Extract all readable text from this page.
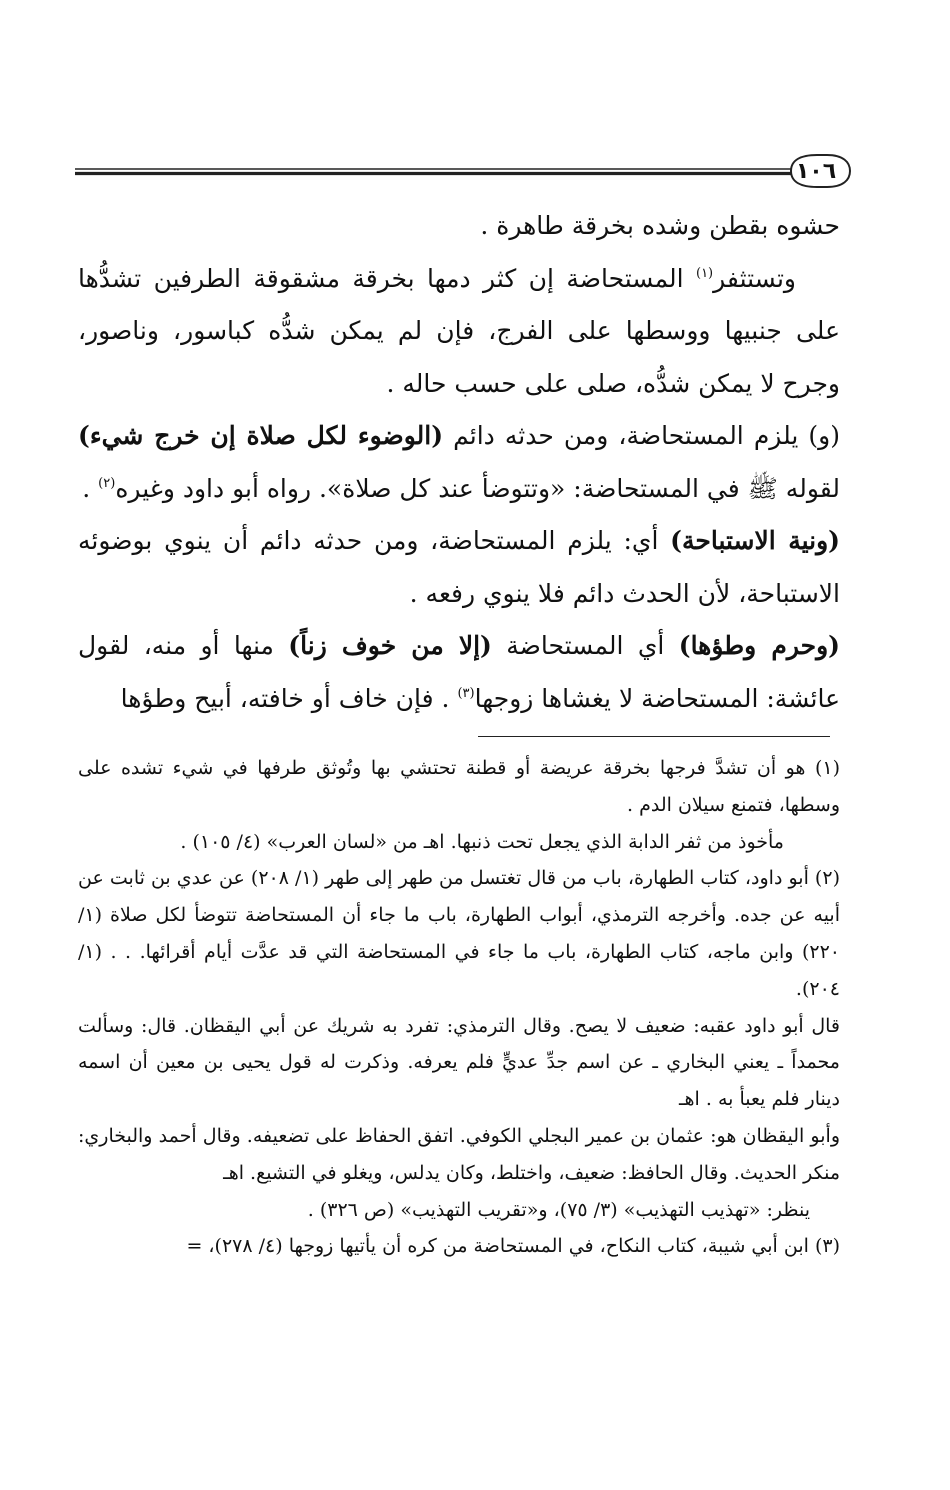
١٠٦

حشوه بقطن وشده بخرقة طاهرة .

وتستثفر$^{(١)}$ المستحاضة إن كثر دمها بخرقة مشقوقة الطرفين تشدُّها على جنبيها ووسطها على الفرج، فإن لم يمكن شدُّه كباسور، وناصور، وجرح لا يمكن شدُّه، صلى على حسب حاله .

(و) يلزم المستحاضة، ومن حدثه دائم (الوضوء لكل صلاة إن خرج شيء) لقوله ﷺ في المستحاضة: «وتتوضأ عند كل صلاة». رواه أبو داود وغيره$^{(٢)}$ .

(ونية الاستباحة) أي: يلزم المستحاضة، ومن حدثه دائم أن ينوي بوضوئه الاستباحة، لأن الحدث دائم فلا ينوي رفعه .

(وحرم وطؤها) أي المستحاضة (إلا من خوف زناً) منها أو منه، لقول عائشة: المستحاضة لا يغشاها زوجها$^{(٣)}$ . فإن خاف أو خافته، أبيح وطؤها

(١) هو أن تشدَّ فرجها بخرقة عريضة أو قطنة تحتشي بها وتُوثق طرفها في شيء تشده على وسطها، فتمنع سيلان الدم .

مأخوذ من ثفر الدابة الذي يجعل تحت ذنبها. اهـ من «لسان العرب» (٤/ ١٠٥) .

(٢) أبو داود، كتاب الطهارة، باب من قال تغتسل من طهر إلى طهر (١/ ٢٠٨) عن عدي بن ثابت عن أبيه عن جده. وأخرجه الترمذي، أبواب الطهارة، باب ما جاء أن المستحاضة تتوضأ لكل صلاة (١/ ٢٢٠) وابن ماجه، كتاب الطهارة، باب ما جاء في المستحاضة التي قد عدَّت أيام أقرائها. . . (١/ ٢٠٤).

قال أبو داود عقبه: ضعيف لا يصح. وقال الترمذي: تفرد به شريك عن أبي اليقظان. قال: وسألت محمداً ـ يعني البخاري ـ عن اسم جدِّ عديٍّ فلم يعرفه. وذكرت له قول يحيى بن معين أن اسمه دينار فلم يعبأ به . اهـ

وأبو اليقظان هو: عثمان بن عمير البجلي الكوفي. اتفق الحفاظ على تضعيفه. وقال أحمد والبخاري: منكر الحديث. وقال الحافظ: ضعيف، واختلط، وكان يدلس، ويغلو في التشيع. اهـ

ينظر: «تهذيب التهذيب» (٣/ ٧٥)، و«تقريب التهذيب» (ص ٣٢٦) .

(٣) ابن أبي شيبة، كتاب النكاح، في المستحاضة من كره أن يأتيها زوجها (٤/ ٢٧٨)، =
